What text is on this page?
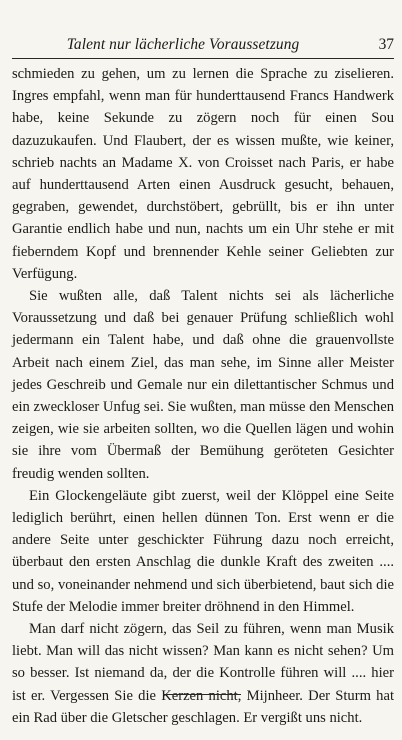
Talent nur lächerliche Voraussetzung	37

schmieden zu gehen, um zu lernen die Sprache zu ziselieren. Ingres empfahl, wenn man für hunderttausend Francs Handwerk habe, keine Sekunde zu zögern noch für einen Sou dazuzukaufen. Und Flaubert, der es wissen mußte, wie keiner, schrieb nachts an Madame X. von Croisset nach Paris, er habe auf hunderttausend Arten einen Ausdruck gesucht, behauen, gegraben, gewendet, durchstöbert, gebrüllt, bis er ihn unter Garantie endlich habe und nun, nachts um ein Uhr stehe er mit fieberndem Kopf und brennender Kehle seiner Geliebten zur Verfügung.

Sie wußten alle, daß Talent nichts sei als lächerliche Voraussetzung und daß bei genauer Prüfung schließlich wohl jedermann ein Talent habe, und daß ohne die grauenvollste Arbeit nach einem Ziel, das man sehe, im Sinne aller Meister jedes Geschreib und Gemale nur ein dilettantischer Schmus und ein zweckloser Unfug sei. Sie wußten, man müsse den Menschen zeigen, wie sie arbeiten sollten, wo die Quellen lägen und wohin sie ihre vom Übermaß der Bemühung geröteten Gesichter freudig wenden sollten.

Ein Glockengeläute gibt zuerst, weil der Klöppel eine Seite lediglich berührt, einen hellen dünnen Ton. Erst wenn er die andere Seite unter geschickter Führung dazu noch erreicht, überbaut den ersten Anschlag die dunkle Kraft des zweiten .... und so, voneinander nehmend und sich überbietend, baut sich die Stufe der Melodie immer breiter dröhnend in den Himmel.

Man darf nicht zögern, das Seil zu führen, wenn man Musik liebt. Man will das nicht wissen? Man kann es nicht sehen? Um so besser. Ist niemand da, der die Kontrolle führen will .... hier ist er. Vergessen Sie die Kerzen nicht, Mijnheer. Der Sturm hat ein Rad über die Gletscher geschlagen. Er vergißt uns nicht.
